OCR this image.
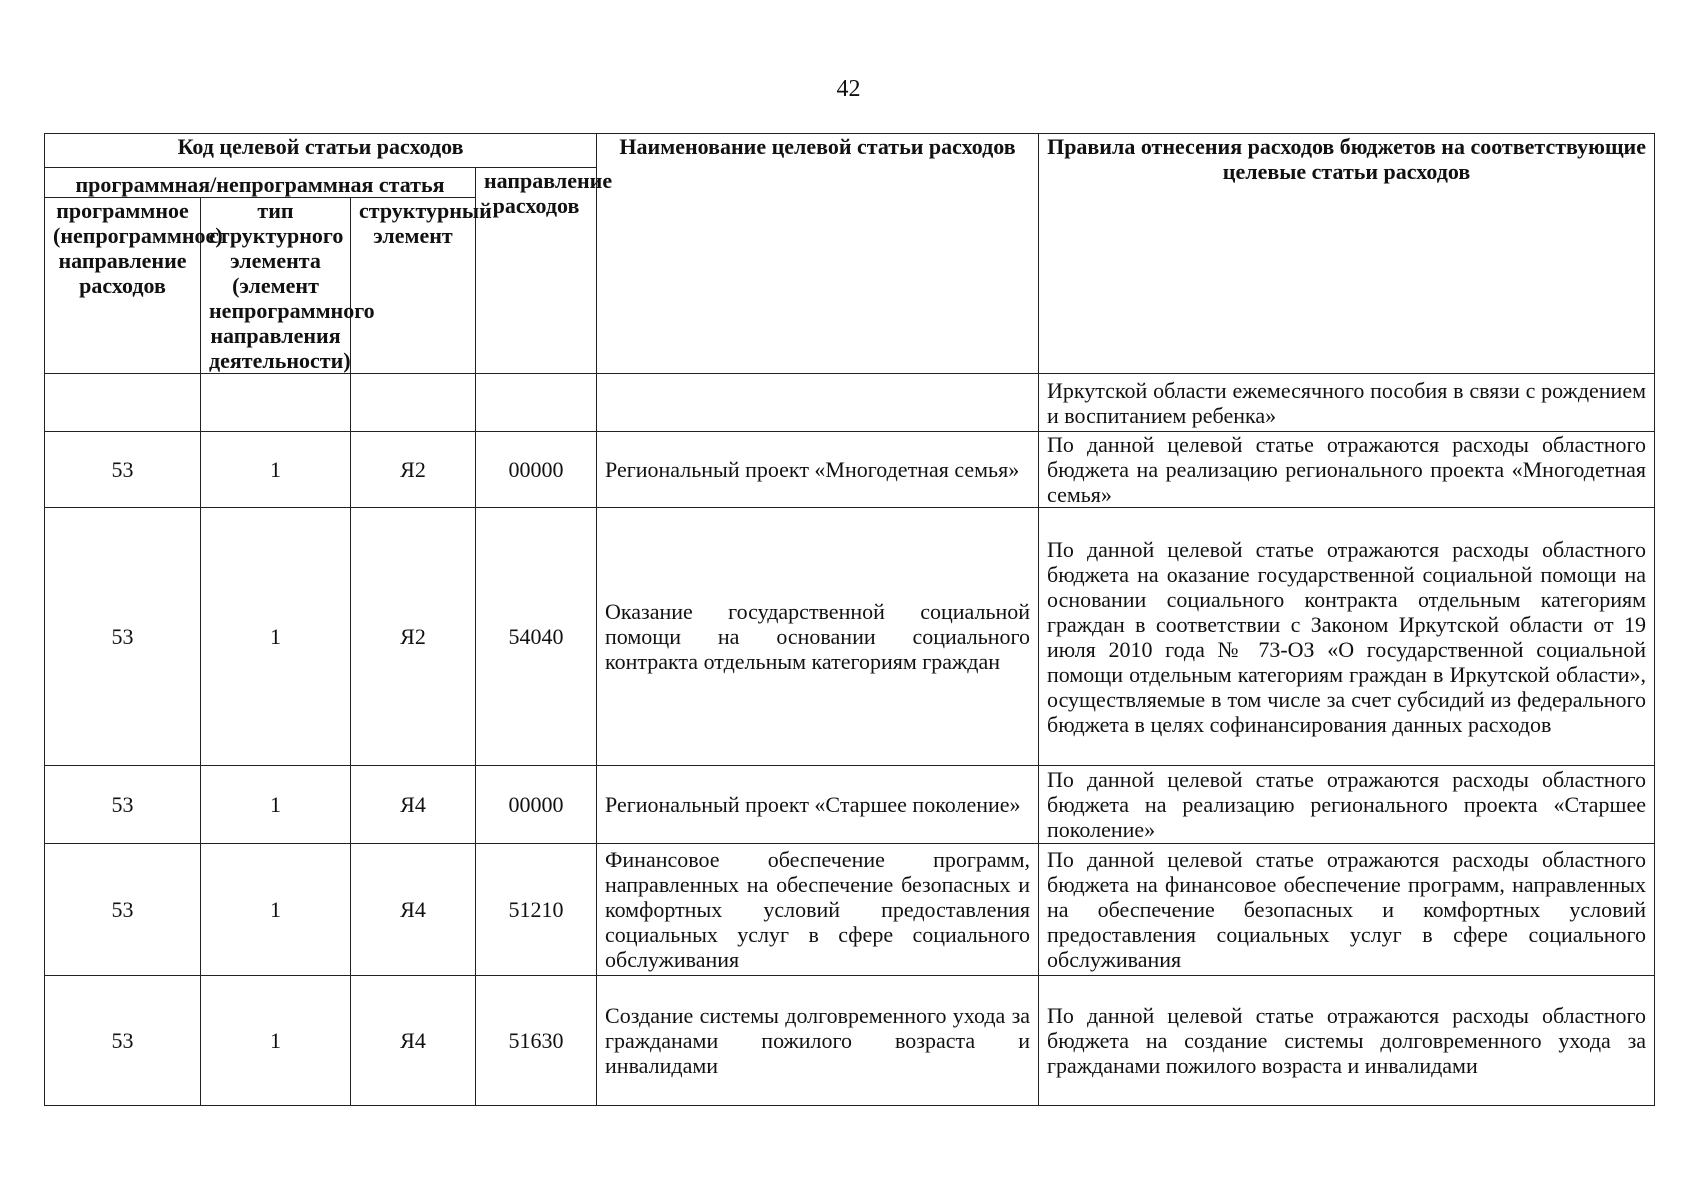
42
Код целевой статьи расходов				Наименование целевой статьи расходов	Правила отнесения расходов бюджетов на соответствующие целевые статьи расходов
программная/непрограммная статья			направление расходов		
программное (непрограммное) направление расходов	тип структурного элемента (элемент непрограммного направления деятельности)	структурный элемент			
					Иркутской области ежемесячного пособия в связи с рождением и воспитанием ребенка»
53	1	Я2	00000	Региональный проект «Многодетная семья»	По данной целевой статье отражаются расходы областного бюджета на реализацию регионального проекта «Многодетная семья»
53	1	Я2	54040	Оказание государственной социальной помощи на основании социального контракта отдельным категориям граждан	По данной целевой статье отражаются расходы областного бюджета на оказание государственной социальной помощи на основании социального контракта отдельным категориям граждан в соответствии с Законом Иркутской области от 19 июля 2010 года № 73-ОЗ «О государственной социальной помощи отдельным категориям граждан в Иркутской области», осуществляемые в том числе за счет субсидий из федерального бюджета в целях софинансирования данных расходов
53	1	Я4	00000	Региональный проект «Старшее поколение»	По данной целевой статье отражаются расходы областного бюджета на реализацию регионального проекта «Старшее поколение»
53	1	Я4	51210	Финансовое обеспечение программ, направленных на обеспечение безопасных и комфортных условий предоставления социальных услуг в сфере социального обслуживания	По данной целевой статье отражаются расходы областного бюджета на финансовое обеспечение программ, направленных на обеспечение безопасных и комфортных условий предоставления социальных услуг в сфере социального обслуживания
53	1	Я4	51630	Создание системы долговременного ухода за гражданами пожилого возраста и инвалидами	По данной целевой статье отражаются расходы областного бюджета на создание системы долговременного ухода за гражданами пожилого возраста и инвалидами
